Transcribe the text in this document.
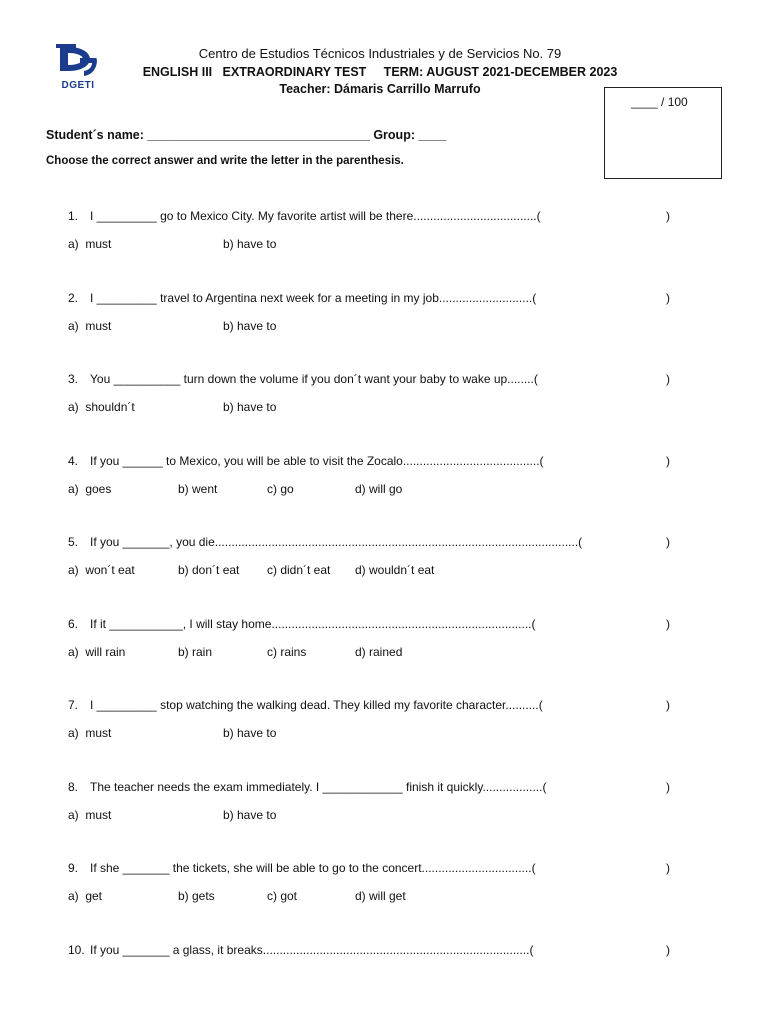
DGETI
Centro de Estudios Técnicos Industriales y de Servicios No. 79
ENGLISH III   EXTRAORDINARY TEST     TERM: AUGUST 2021-DECEMBER 2023
Teacher: Dámaris Carrillo Marrufo
____ / 100
Student´s name: ________________________________ Group: ____
Choose the correct answer and write the letter in the parenthesis.
1. I _________ go to Mexico City. My favorite artist will be there.....................................(	)
a)  must	b) have to
2. I _________ travel to Argentina next week for a meeting in my job............................(	)
a)  must	b) have to
3. You __________ turn down the volume if you don´t want your baby to wake up........(	)
a)  shouldn´t	b) have to
4. If you ______ to Mexico, you will be able to visit the Zocalo.........................................(	)
a)  goes	b) went	c) go	d) will go
5. If you _______, you die.............................................................................................................(	)
a)  won´t eat	b) don´t eat c) didn´t eat d) wouldn´t eat
6. If it ___________, I will stay home..............................................................................(	)
a)  will rain	b) rain	c) rains	d) rained
7. I _________ stop watching the walking dead. They killed my favorite character..........(	)
a)  must	b) have to
8. The teacher needs the exam immediately. I ____________ finish it quickly..................(	)
a)  must	b) have to
9. If she _______ the tickets, she will be able to go to the concert.................................(	)
a)  get	b) gets	c) got	d) will get
10. If you _______ a glass, it breaks................................................................................(	)
